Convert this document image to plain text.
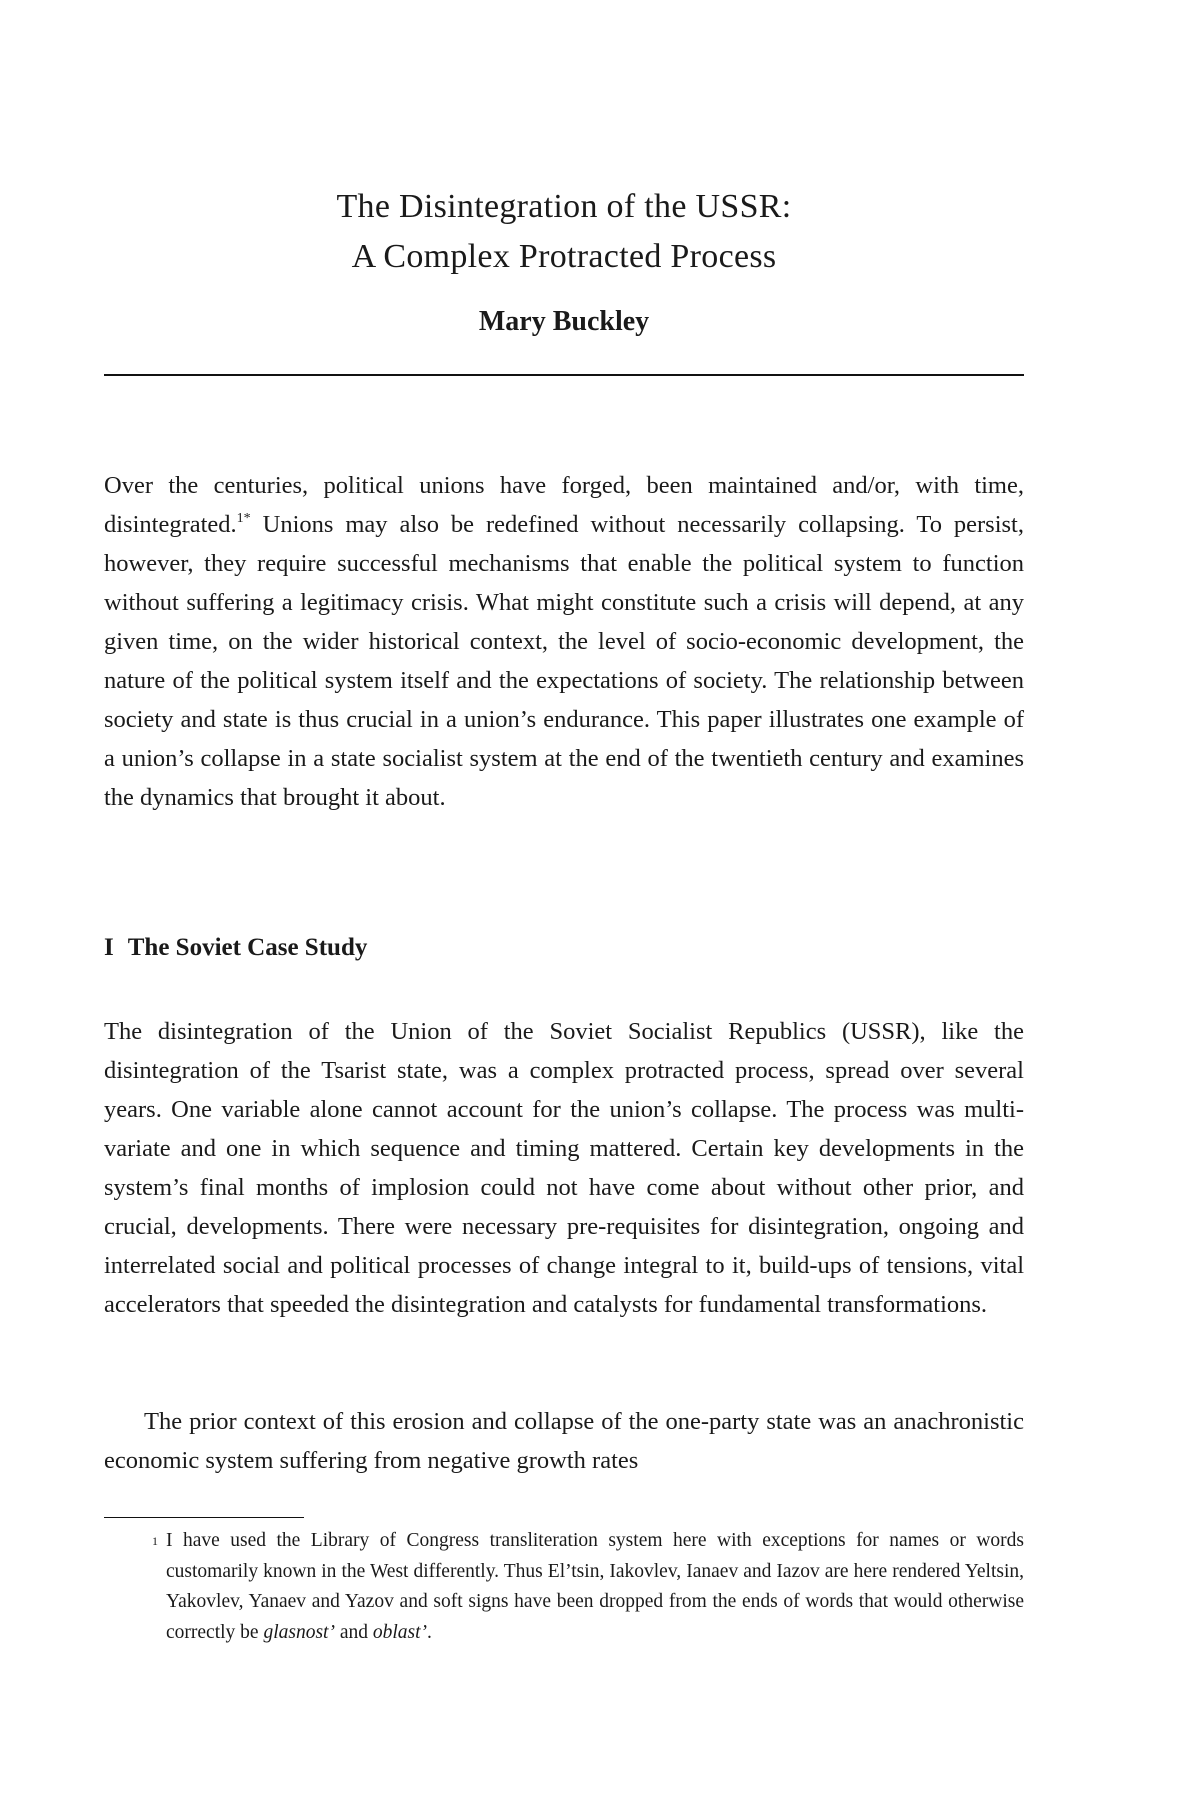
The Disintegration of the USSR:

A Complex Protracted Process

Mary Buckley

Over the centuries, political unions have forged, been maintained and/or, with time, disintegrated.$^{1*}$ Unions may also be redefined without necessarily collapsing. To persist, however, they require successful mechanisms that enable the political system to function without suffering a legitimacy crisis. What might constitute such a crisis will depend, at any given time, on the wider historical context, the level of socio-economic development, the nature of the political system itself and the expectations of society. The relationship between society and state is thus crucial in a union’s endurance. This paper illustrates one example of a union’s collapse in a state socialist system at the end of the twentieth century and examines the dynamics that brought it about.

I The Soviet Case Study

The disintegration of the Union of the Soviet Socialist Republics (USSR), like the disintegration of the Tsarist state, was a complex protracted process, spread over several years. One variable alone cannot account for the union’s collapse. The process was multi-variate and one in which sequence and timing mattered. Certain key developments in the system’s final months of implosion could not have come about without other prior, and crucial, developments. There were necessary pre-requisites for disintegration, ongoing and interrelated social and political processes of change integral to it, build-ups of tensions, vital accelerators that speeded the disintegration and catalysts for fundamental transformations.

The prior context of this erosion and collapse of the one-party state was an anachronistic economic system suffering from negative growth rates

1 I have used the Library of Congress transliteration system here with exceptions for names or words customarily known in the West differently. Thus El’tsin, Iakovlev, Ianaev and Iazov are here rendered Yeltsin, Yakovlev, Yanaev and Yazov and soft signs have been dropped from the ends of words that would otherwise correctly be glasnost’ and oblast’.
